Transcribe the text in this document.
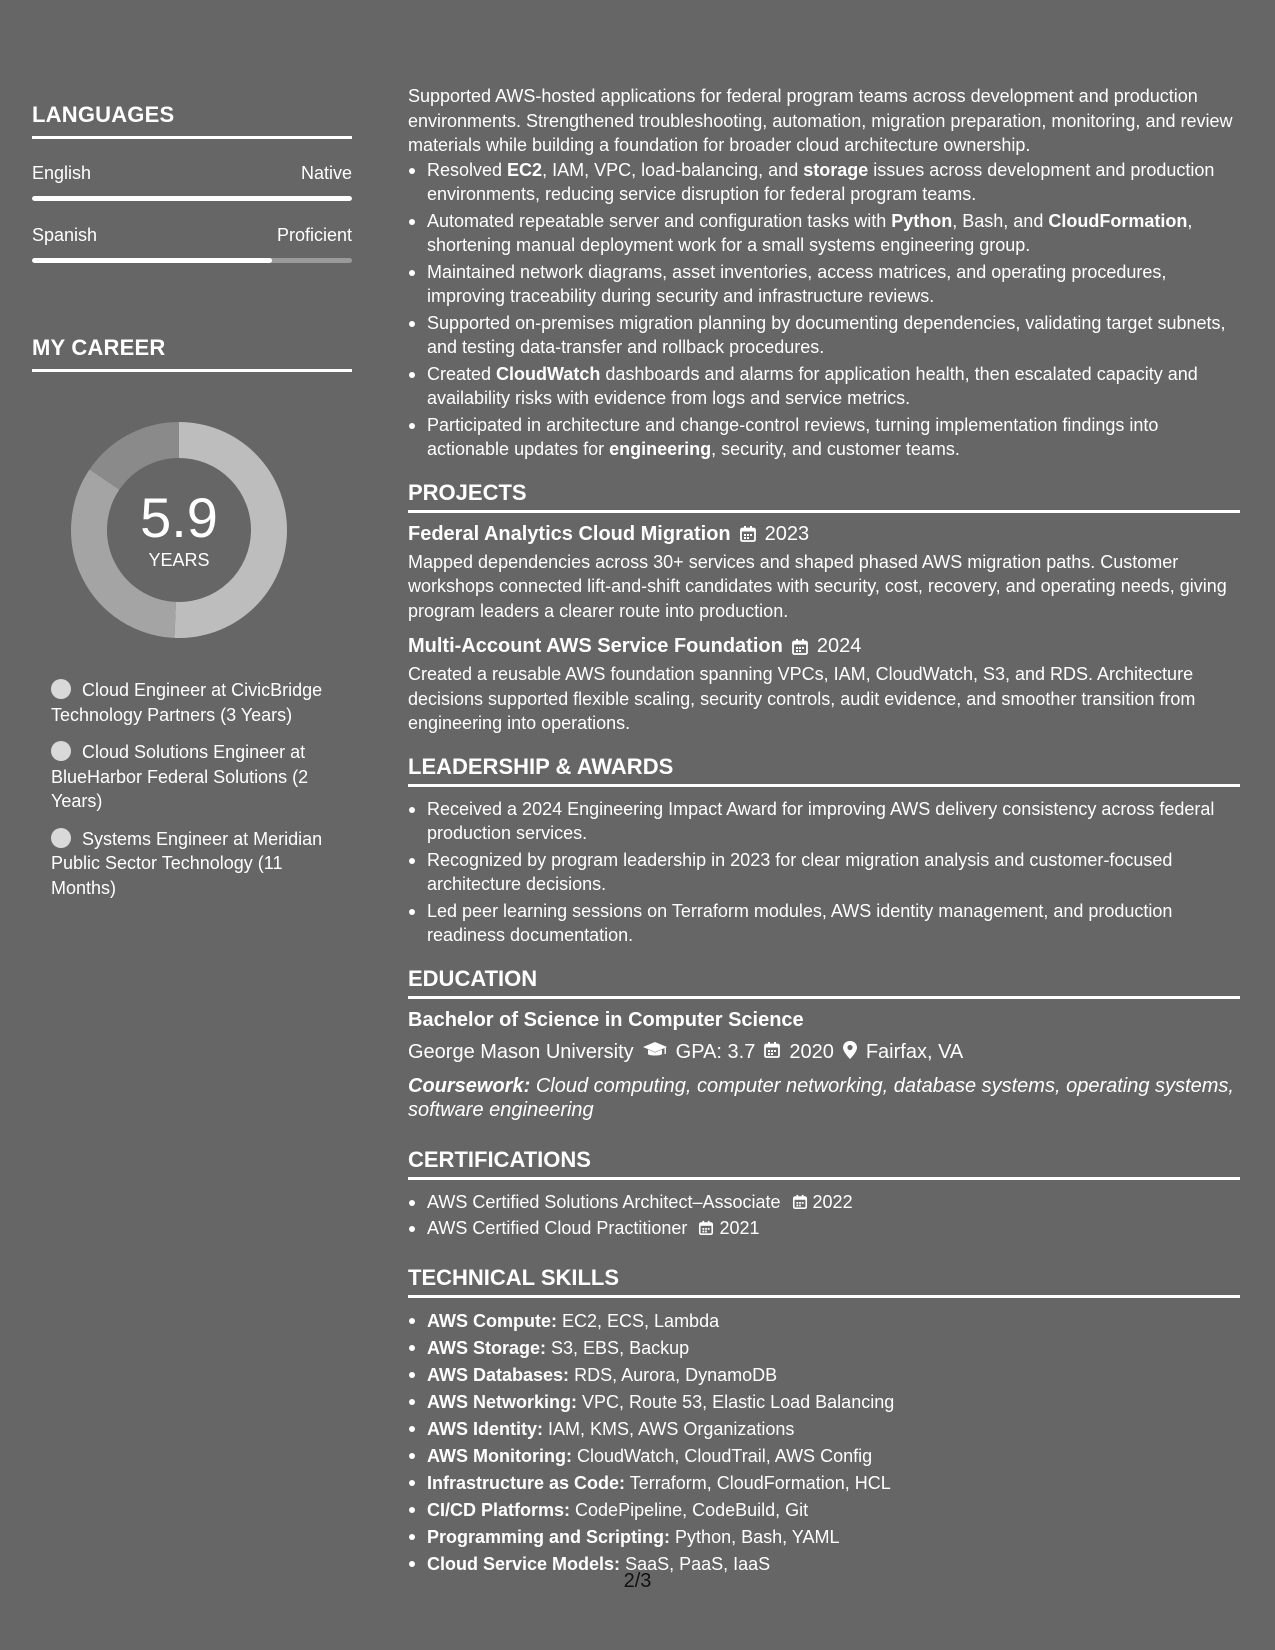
LANGUAGES
English	Native
Spanish	Proficient
MY CAREER
5.9
YEARS
Cloud Engineer at CivicBridge Technology Partners (3 Years)
Cloud Solutions Engineer at BlueHarbor Federal Solutions (2 Years)
Systems Engineer at Meridian Public Sector Technology (11 Months)

Supported AWS-hosted applications for federal program teams across development and production environments. Strengthened troubleshooting, automation, migration preparation, monitoring, and review materials while building a foundation for broader cloud architecture ownership.

Resolved EC2, IAM, VPC, load-balancing, and storage issues across development and production environments, reducing service disruption for federal program teams.
Automated repeatable server and configuration tasks with Python, Bash, and CloudFormation, shortening manual deployment work for a small systems engineering group.
Maintained network diagrams, asset inventories, access matrices, and operating procedures, improving traceability during security and infrastructure reviews.
Supported on-premises migration planning by documenting dependencies, validating target subnets, and testing data-transfer and rollback procedures.
Created CloudWatch dashboards and alarms for application health, then escalated capacity and availability risks with evidence from logs and service metrics.
Participated in architecture and change-control reviews, turning implementation findings into actionable updates for engineering, security, and customer teams.
PROJECTS
Federal Analytics Cloud Migration 2023

Mapped dependencies across 30+ services and shaped phased AWS migration paths. Customer workshops connected lift-and-shift candidates with security, cost, recovery, and operating needs, giving program leaders a clearer route into production.

Multi-Account AWS Service Foundation 2024

Created a reusable AWS foundation spanning VPCs, IAM, CloudWatch, S3, and RDS. Architecture decisions supported flexible scaling, security controls, audit evidence, and smoother transition from engineering into operations.

LEADERSHIP & AWARDS
Received a 2024 Engineering Impact Award for improving AWS delivery consistency across federal production services.
Recognized by program leadership in 2023 for clear migration analysis and customer-focused architecture decisions.
Led peer learning sessions on Terraform modules, AWS identity management, and production readiness documentation.
EDUCATION
Bachelor of Science in Computer Science
George Mason University GPA: 3.7 2020 Fairfax, VA
Coursework: Cloud computing, computer networking, database systems, operating systems, software engineering
CERTIFICATIONS
AWS Certified Solutions Architect–Associate 2022
AWS Certified Cloud Practitioner 2021
TECHNICAL SKILLS
AWS Compute: EC2, ECS, Lambda
AWS Storage: S3, EBS, Backup
AWS Databases: RDS, Aurora, DynamoDB
AWS Networking: VPC, Route 53, Elastic Load Balancing
AWS Identity: IAM, KMS, AWS Organizations
AWS Monitoring: CloudWatch, CloudTrail, AWS Config
Infrastructure as Code: Terraform, CloudFormation, HCL
CI/CD Platforms: CodePipeline, CodeBuild, Git
Programming and Scripting: Python, Bash, YAML
Cloud Service Models: SaaS, PaaS, IaaS
2/3
